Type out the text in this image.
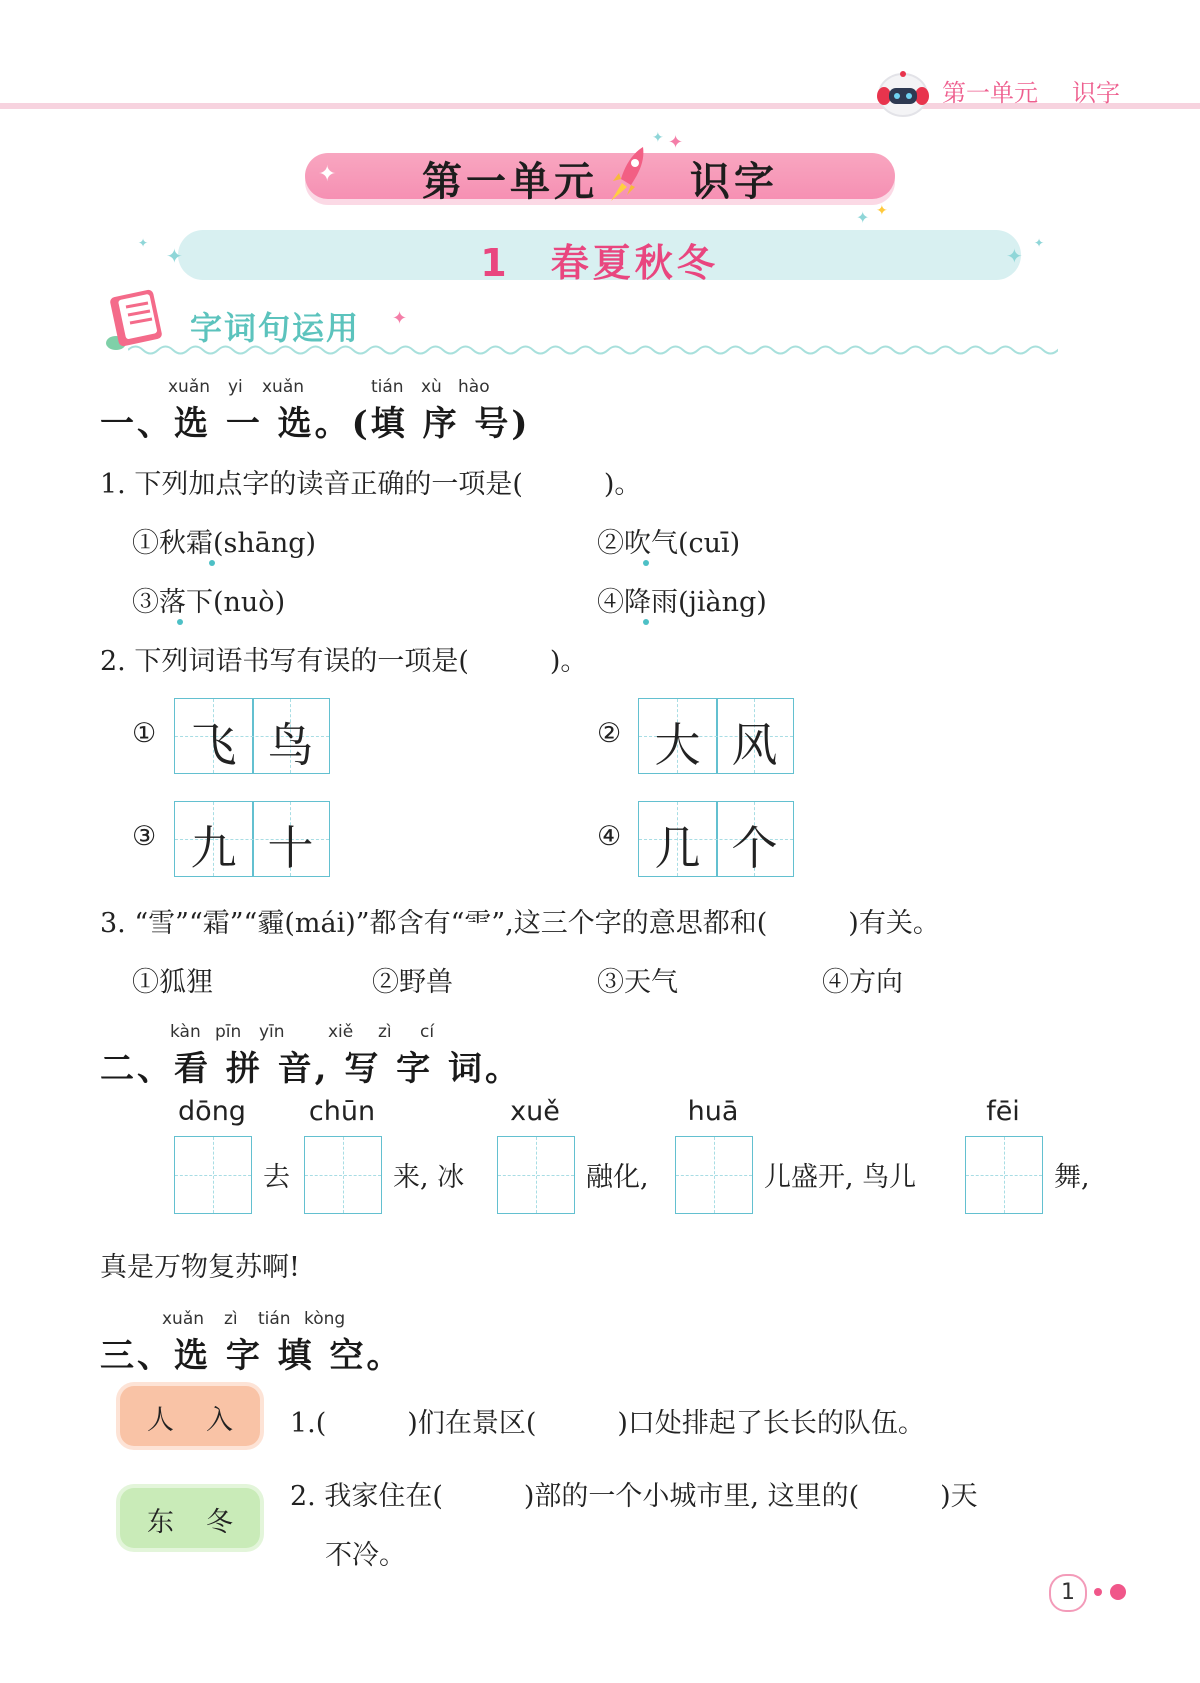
第一单元 识字
✦	第一单元 识字
✦
✦
✦ ✦
✦
✦
✦
✦
1 春夏秋冬
字词句运用 ✦
xuǎn yi xuǎn	tián xù hào
一、选 一 选。(填 序 号)
1. 下列加点字的读音正确的一项是(　　　)。
①秋霜(shāng)	②吹气(cuī)
③落下(nuò)	④降雨(jiàng)
2. 下列词语书写有误的一项是(　　　)。
① 飞 鸟	② 大 风
③ 九 十	④ 几 个
3. “雪”“霜”“霾(mái)”都含有“⻗”,这三个字的意思都和(　　　)有关。
①狐狸	②野兽	③天气	④方向
kàn pīn yīn	xiě zì cí
二、看 拼 音, 写 字 词。
dōng
去
chūn
来, 冰
xuě
融化,
huā
儿盛开, 鸟儿
fēi
舞,
真是万物复苏啊!
xuǎn zì tián kòng
三、选 字 填 空。
人入 1.(　　　)们在景区(　　　)口处排起了长长的队伍。
东冬
2. 我家住在(　　　)部的一个小城市里, 这里的(　　　)天
不冷。
1
